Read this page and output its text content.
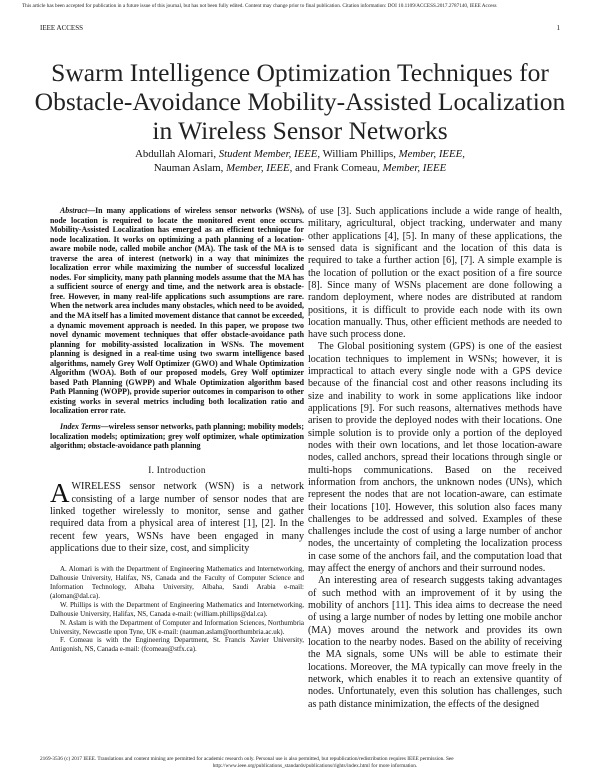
This article has been accepted for publication in a future issue of this journal, but has not been fully edited. Content may change prior to final publication. Citation information: DOI 10.1109/ACCESS.2017.2787140, IEEE Access
IEEE ACCESS	1
Swarm Intelligence Optimization Techniques for Obstacle-Avoidance Mobility-Assisted Localization in Wireless Sensor Networks
Abdullah Alomari, Student Member, IEEE, William Phillips, Member, IEEE,
Nauman Aslam, Member, IEEE, and Frank Comeau, Member, IEEE

Abstract—In many applications of wireless sensor networks (WSNs), node location is required to locate the monitored event once occurs. Mobility-Assisted Localization has emerged as an efficient technique for node localization. It works on optimizing a path planning of a location-aware mobile node, called mobile anchor (MA). The task of the MA is to traverse the area of interest (network) in a way that minimizes the localization error while maximizing the number of successful localized nodes. For simplicity, many path planning models assume that the MA has a sufficient source of energy and time, and the network area is obstacle-free. However, in many real-life applications such assumptions are rare. When the network area includes many obstacles, which need to be avoided, and the MA itself has a limited movement distance that cannot be exceeded, a dynamic movement approach is needed. In this paper, we propose two novel dynamic movement techniques that offer obstacle-avoidance path planning for mobility-assisted localization in WSNs. The movement planning is designed in a real-time using two swarm intelligence based algorithms, namely Grey Wolf Optimizer (GWO) and Whale Optimization Algorithm (WOA). Both of our proposed models, Grey Wolf optimizer based Path Planning (GWPP) and Whale Optimization algorithm based Path Planning (WOPP), provide superior outcomes in comparison to other existing works in several metrics including both localization ratio and localization error rate.

Index Terms—wireless sensor networks, path planning; mobility models; localization models; optimization; grey wolf optimizer, whale optimization algorithm; obstacle-avoidance path planning

I. Introduction

AWIRELESS sensor network (WSN) is a network consisting of a large number of sensor nodes that are linked together wirelessly to monitor, sense and gather required data from a physical area of interest [1], [2]. In the recent few years, WSNs have been engaged in many applications due to their size, cost, and simplicity

A. Alomari is with the Department of Engineering Mathematics and Internetworking, Dalhousie University, Halifax, NS, Canada and the Faculty of Computer Science and Information Technology, Albaha University, Albaha, Saudi Arabia e-mail: (aloman@dal.ca).

W. Phillips is with the Department of Engineering Mathematics and Internetworking, Dalhousie University, Halifax, NS, Canada e-mail: (william.phillips@dal.ca).

N. Aslam is with the Department of Computer and Information Sciences, Northumbria University, Newcastle upon Tyne, UK e-mail: (nauman.aslam@northumbria.ac.uk).

F. Comeau is with the Engineering Department, St. Francis Xavier University, Antigonish, NS, Canada e-mail: (fcomeau@stfx.ca).

of use [3]. Such applications include a wide range of health, military, agricultural, object tracking, underwater and many other applications [4], [5]. In many of these applications, the sensed data is significant and the location of this data is required to take a further action [6], [7]. A simple example is the location of pollution or the exact position of a fire source [8]. Since many of WSNs placement are done following a random deployment, where nodes are distributed at random positions, it is difficult to provide each node with its own location manually. Thus, other efficient methods are needed to have such process done.

The Global positioning system (GPS) is one of the easiest location techniques to implement in WSNs; however, it is impractical to attach every single node with a GPS device because of the financial cost and other reasons including its size and inability to work in some applications like indoor applications [9]. For such reasons, alternatives methods have arisen to provide the deployed nodes with their locations. One simple solution is to provide only a portion of the deployed nodes with their own locations, and let those location-aware nodes, called anchors, spread their locations through single or multi-hops communications. Based on the received information from anchors, the unknown nodes (UNs), which represent the nodes that are not location-aware, can estimate their locations [10]. However, this solution also faces many challenges to be addressed and solved. Examples of these challenges include the cost of using a large number of anchor nodes, the uncertainty of completing the localization process in case some of the anchors fail, and the computation load that may affect the energy of anchors and their surround nodes.

An interesting area of research suggests taking advantages of such method with an improvement of it by using the mobility of anchors [11]. This idea aims to decrease the need of using a large number of nodes by letting one mobile anchor (MA) moves around the network and provides its own location to the nearby nodes. Based on the ability of receiving the MA signals, some UNs will be able to estimate their locations. Moreover, the MA typically can move freely in the network, which enables it to reach an extensive quantity of nodes. Unfortunately, even this solution has challenges, such as path distance minimization, the effects of the designed

2169-3536 (c) 2017 IEEE. Translations and content mining are permitted for academic research only. Personal use is also permitted, but republication/redistribution requires IEEE permission. See
http://www.ieee.org/publications_standards/publications/rights/index.html for more information.
